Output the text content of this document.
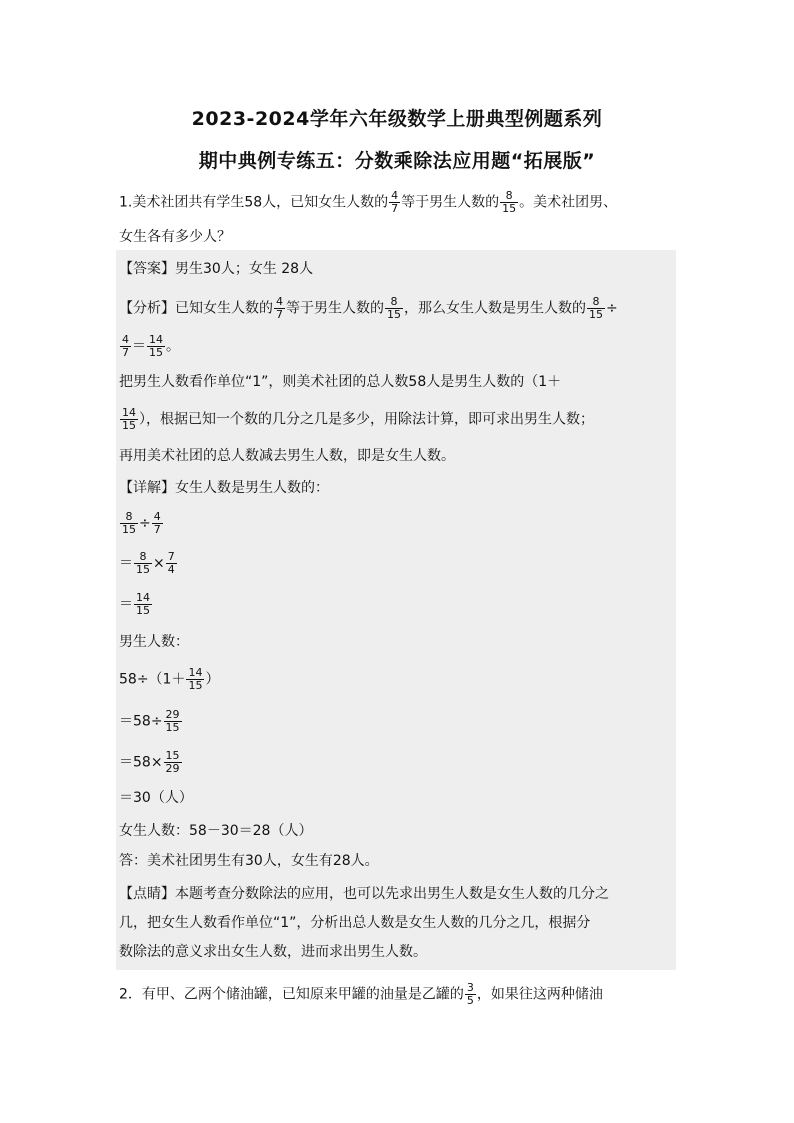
2023-2024学年六年级数学上册典型例题系列
期中典例专练五：分数乘除法应用题“拓展版”
1.美术社团共有学生58人，已知女生人数的 $\frac{4}{7}$ 等于男生人数的 $\frac{8}{15}$ 。美术社团男、
女生各有多少人？
【答案】男生30人；女生 28人
【分析】已知女生人数的 $\frac{4}{7}$ 等于男生人数的 $\frac{8}{15}$ ，那么女生人数是男生人数的 $\frac{8}{15}$ ÷
$\frac{4}{7} = \frac{14}{15}$ 。
把男生人数看作单位“1”，则美术社团的总人数58人是男生人数的（1＋
$\frac{14}{15}$ ），根据已知一个数的几分之几是多少，用除法计算，即可求出男生人数；
再用美术社团的总人数减去男生人数，即是女生人数。
【详解】女生人数是男生人数的：
$\frac{8}{15} \div \frac{4}{7}$
＝ $\frac{8}{15} \times \frac{7}{4}$
＝ $\frac{14}{15}$
男生人数：
$58\div(1+ \frac{14}{15}$ ）
$=58\div \frac{29}{15}$
$=58\times \frac{15}{29}$
＝30（人）
女生人数：58－30＝28（人）
答：美术社团男生有30人，女生有28人。
【点睛】本题考查分数除法的应用，也可以先求出男生人数是女生人数的几分之
几，把女生人数看作单位“1”，分析出总人数是女生人数的几分之几，根据分
数除法的意义求出女生人数，进而求出男生人数。
2．有甲、乙两个储油罐，已知原来甲罐的油量是乙罐的 $\frac{3}{5}$ ，如果往这两种储油
